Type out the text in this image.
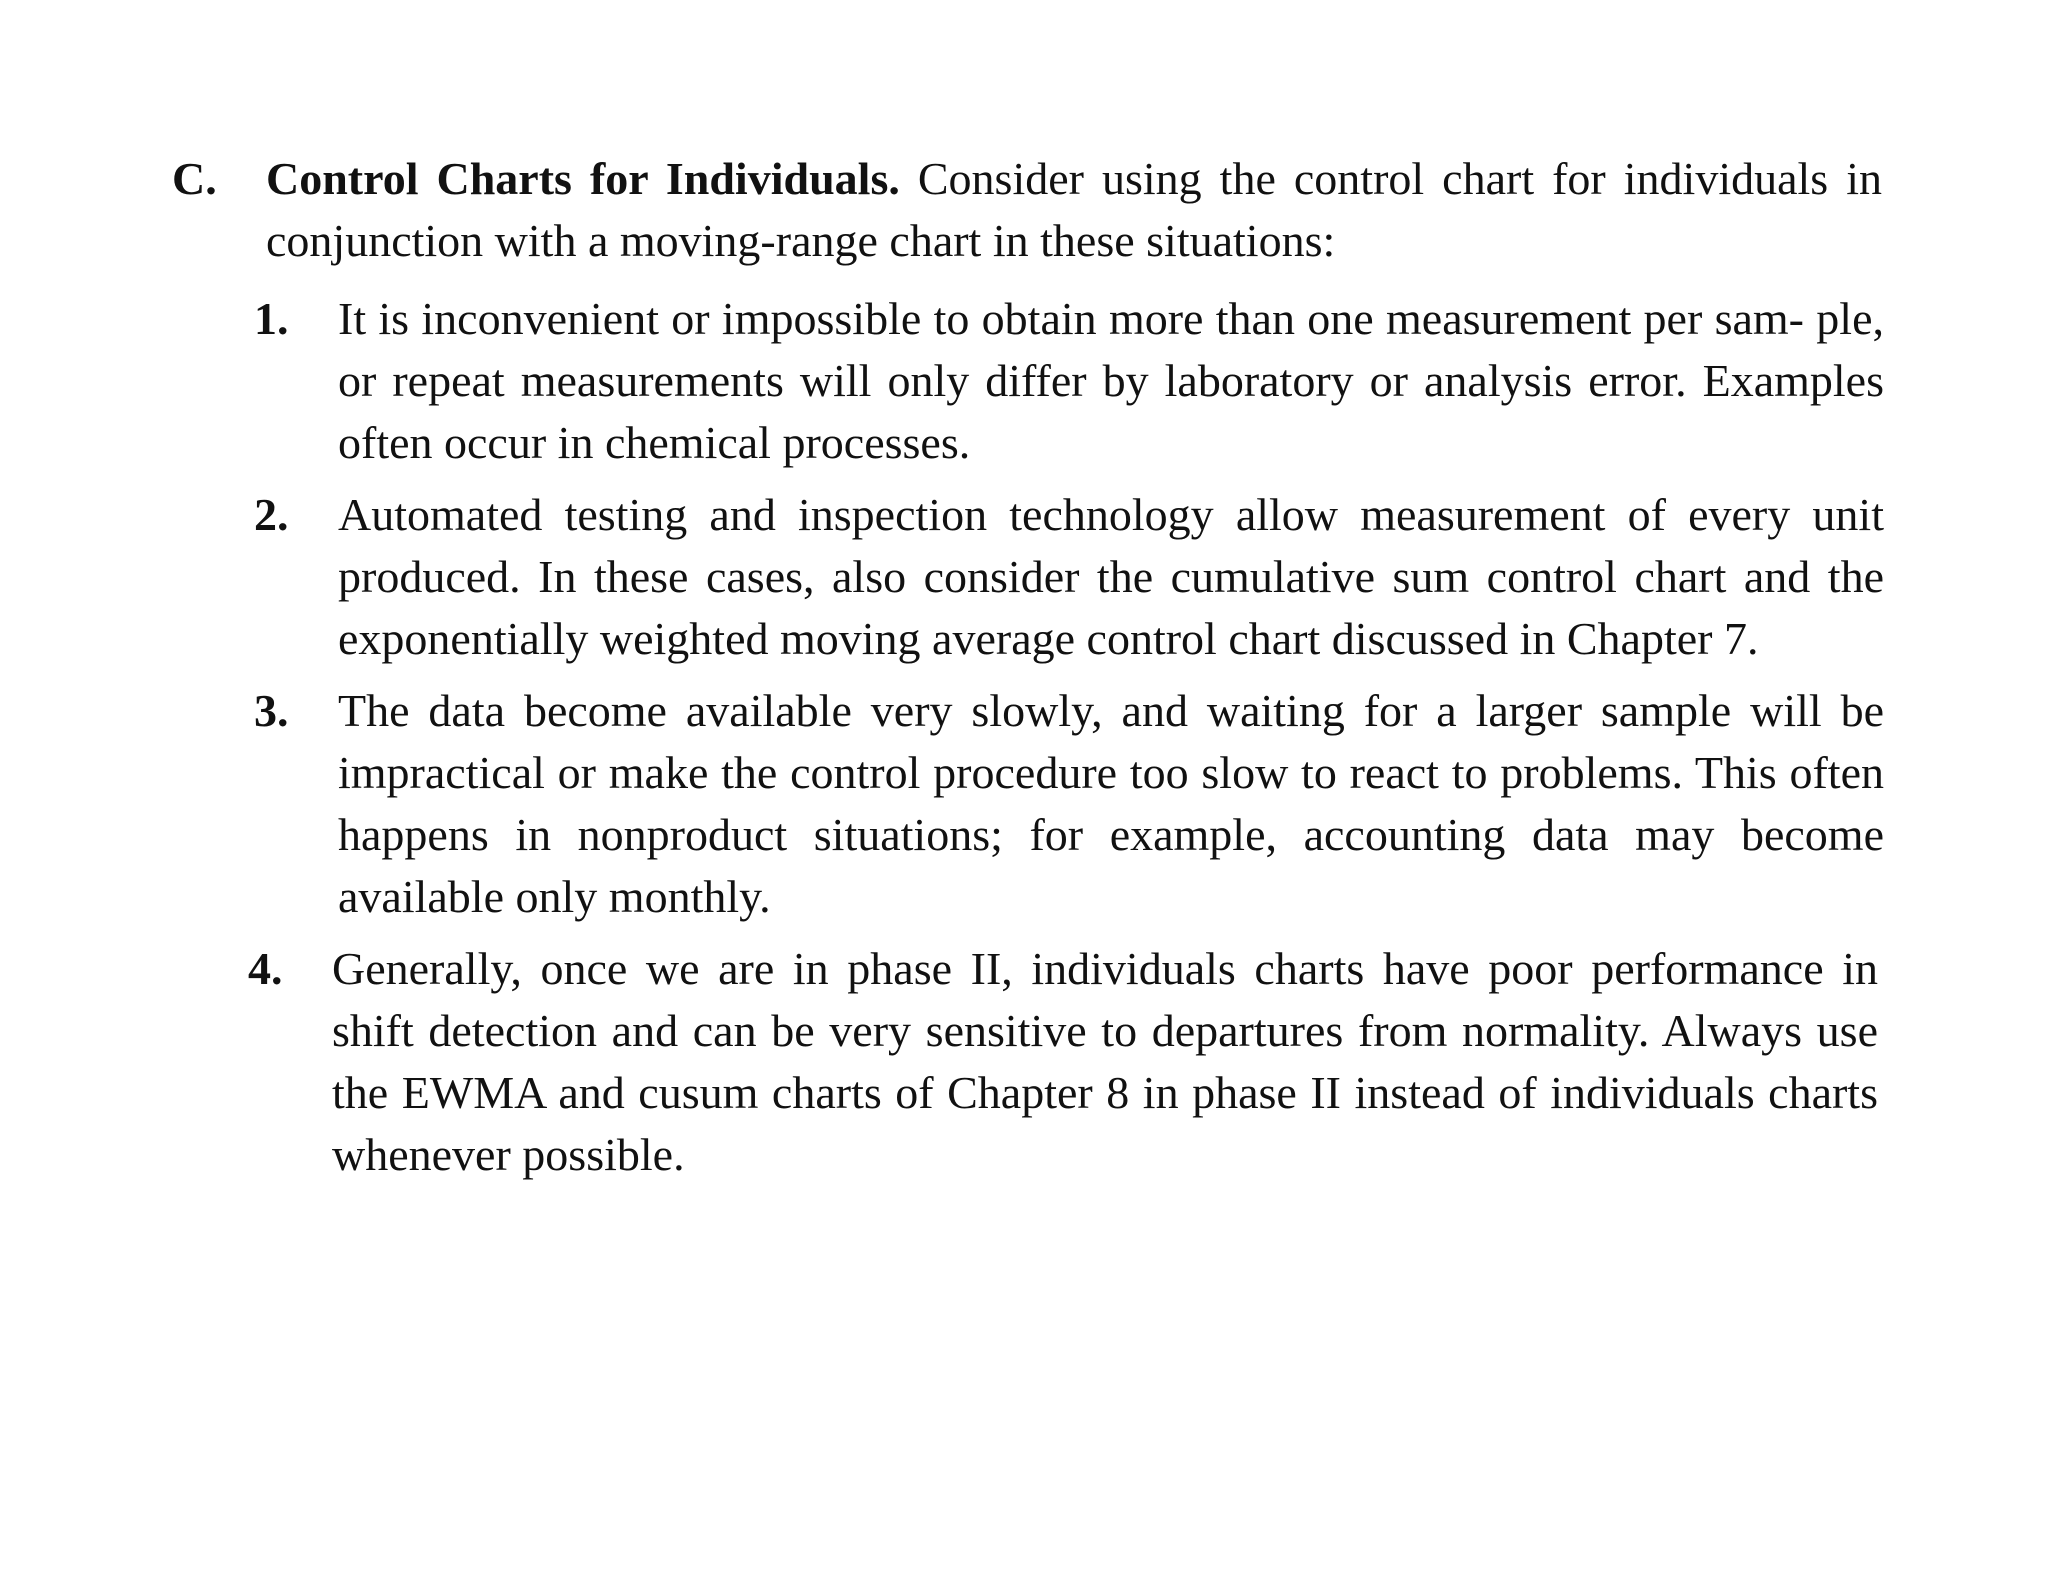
C. Control Charts for Individuals. Consider using the control chart for individuals in conjunction with a moving-range chart in these situations:
1. It is inconvenient or impossible to obtain more than one measurement per sam- ple, or repeat measurements will only differ by laboratory or analysis error. Examples often occur in chemical processes.
2. Automated testing and inspection technology allow measurement of every unit produced. In these cases, also consider the cumulative sum control chart and the exponentially weighted moving average control chart discussed in Chapter 7.
3. The data become available very slowly, and waiting for a larger sample will be impractical or make the control procedure too slow to react to problems. This often happens in nonproduct situations; for example, accounting data may become available only monthly.
4. Generally, once we are in phase II, individuals charts have poor performance in shift detection and can be very sensitive to departures from normality. Always use the EWMA and cusum charts of Chapter 8 in phase II instead of individuals charts whenever possible.
